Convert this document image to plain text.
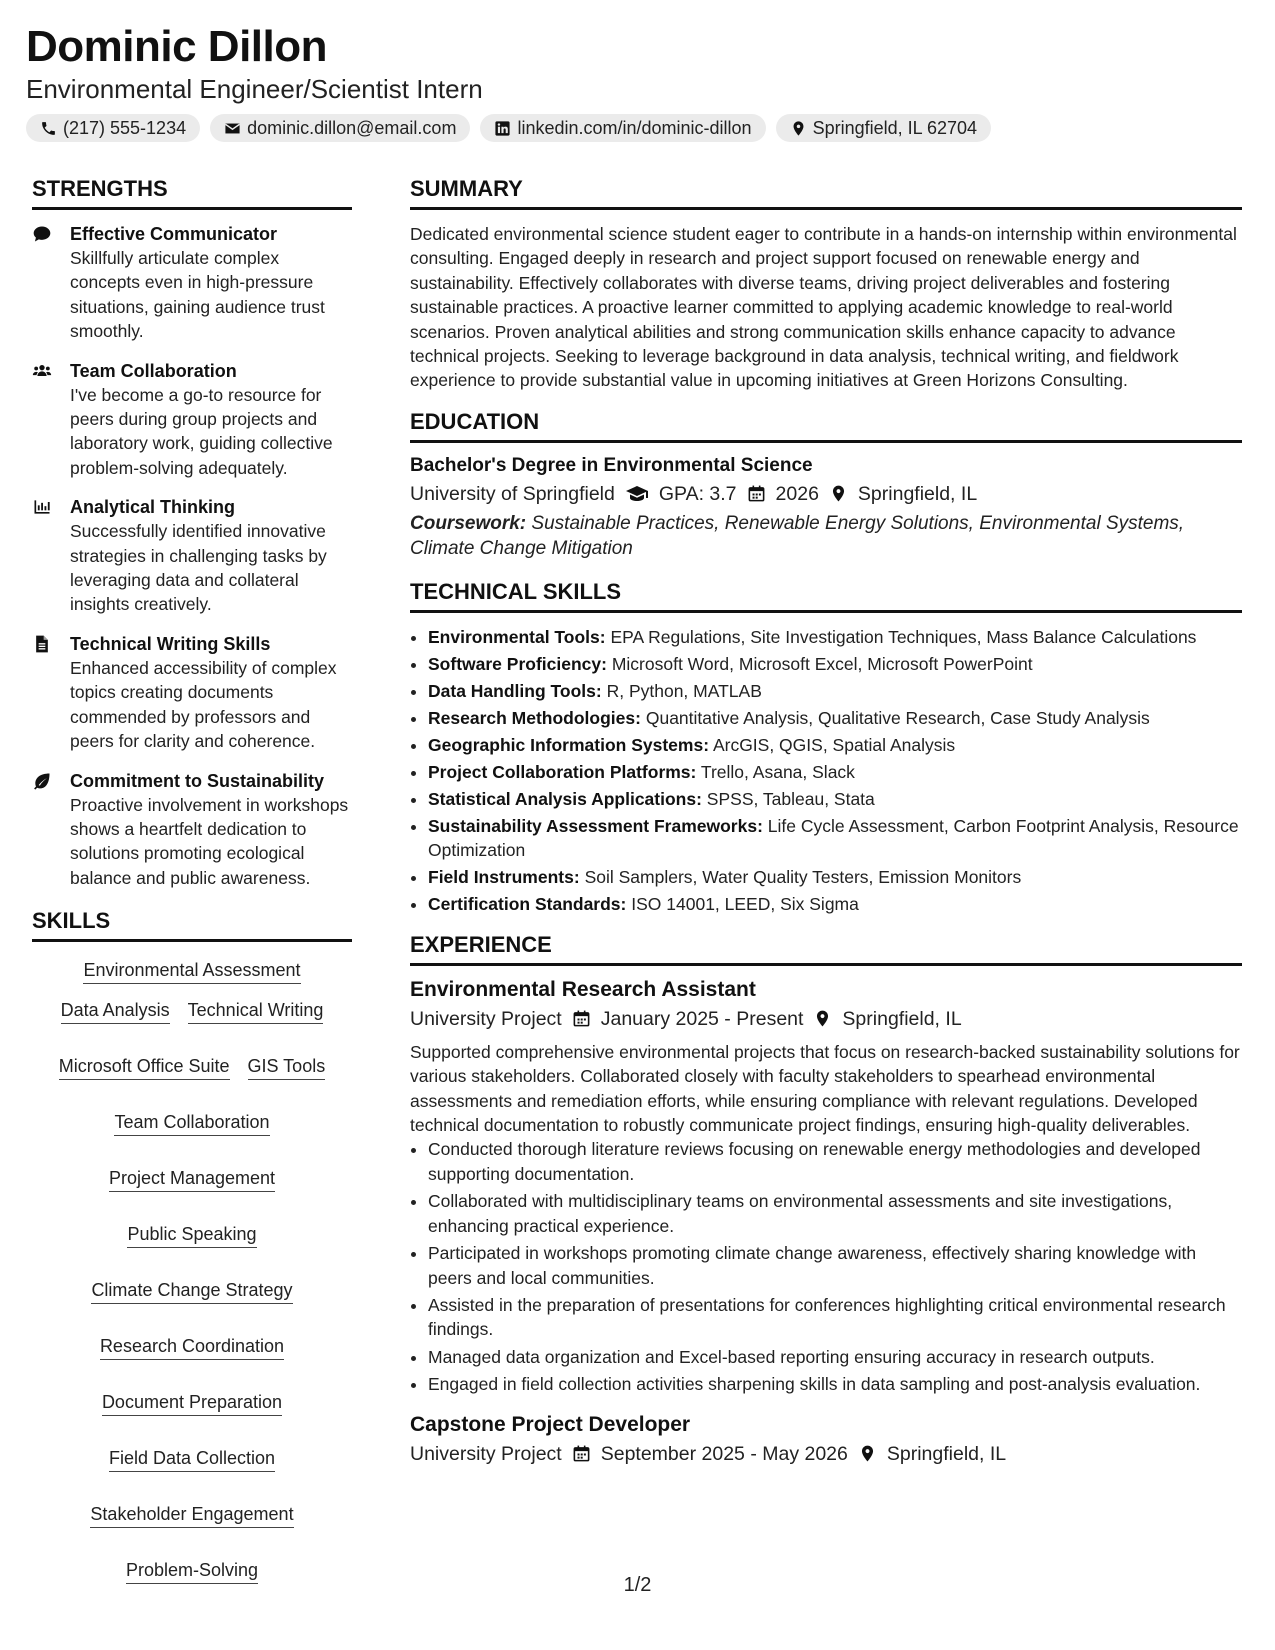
Dominic Dillon
Environmental Engineer/Scientist Intern
(217) 555-1234	dominic.dillon@email.com	linkedin.com/in/dominic-dillon	Springfield, IL 62704
STRENGTHS
Effective Communicator
Skillfully articulate complex concepts even in high-pressure situations, gaining audience trust smoothly.
Team Collaboration
I've become a go-to resource for peers during group projects and laboratory work, guiding collective problem-solving adequately.
Analytical Thinking
Successfully identified innovative strategies in challenging tasks by leveraging data and collateral insights creatively.
Technical Writing Skills
Enhanced accessibility of complex topics creating documents commended by professors and peers for clarity and coherence.
Commitment to Sustainability
Proactive involvement in workshops shows a heartfelt dedication to solutions promoting ecological balance and public awareness.
SKILLS
Environmental Assessment
Data Analysis Technical Writing
Microsoft Office Suite GIS Tools
Team Collaboration
Project Management
Public Speaking
Climate Change Strategy
Research Coordination
Document Preparation
Field Data Collection
Stakeholder Engagement
Problem-Solving
SUMMARY
Dedicated environmental science student eager to contribute in a hands-on internship within environmental consulting. Engaged deeply in research and project support focused on renewable energy and sustainability. Effectively collaborates with diverse teams, driving project deliverables and fostering sustainable practices. A proactive learner committed to applying academic knowledge to real-world scenarios. Proven analytical abilities and strong communication skills enhance capacity to advance technical projects. Seeking to leverage background in data analysis, technical writing, and fieldwork experience to provide substantial value in upcoming initiatives at Green Horizons Consulting.
EDUCATION
Bachelor's Degree in Environmental Science
University of Springfield GPA: 3.7 2026 Springfield, IL
Coursework: Sustainable Practices, Renewable Energy Solutions, Environmental Systems, Climate Change Mitigation
TECHNICAL SKILLS
• Environmental Tools: EPA Regulations, Site Investigation Techniques, Mass Balance Calculations
• Software Proficiency: Microsoft Word, Microsoft Excel, Microsoft PowerPoint
• Data Handling Tools: R, Python, MATLAB
• Research Methodologies: Quantitative Analysis, Qualitative Research, Case Study Analysis
• Geographic Information Systems: ArcGIS, QGIS, Spatial Analysis
• Project Collaboration Platforms: Trello, Asana, Slack
• Statistical Analysis Applications: SPSS, Tableau, Stata
• Sustainability Assessment Frameworks: Life Cycle Assessment, Carbon Footprint Analysis, Resource Optimization
• Field Instruments: Soil Samplers, Water Quality Testers, Emission Monitors
• Certification Standards: ISO 14001, LEED, Six Sigma
EXPERIENCE
Environmental Research Assistant
University Project January 2025 - Present Springfield, IL
Supported comprehensive environmental projects that focus on research-backed sustainability solutions for various stakeholders. Collaborated closely with faculty stakeholders to spearhead environmental assessments and remediation efforts, while ensuring compliance with relevant regulations. Developed technical documentation to robustly communicate project findings, ensuring high-quality deliverables.
• Conducted thorough literature reviews focusing on renewable energy methodologies and developed supporting documentation.
• Collaborated with multidisciplinary teams on environmental assessments and site investigations, enhancing practical experience.
• Participated in workshops promoting climate change awareness, effectively sharing knowledge with peers and local communities.
• Assisted in the preparation of presentations for conferences highlighting critical environmental research findings.
• Managed data organization and Excel-based reporting ensuring accuracy in research outputs.
• Engaged in field collection activities sharpening skills in data sampling and post-analysis evaluation.
Capstone Project Developer
University Project September 2025 - May 2026 Springfield, IL
1/2
